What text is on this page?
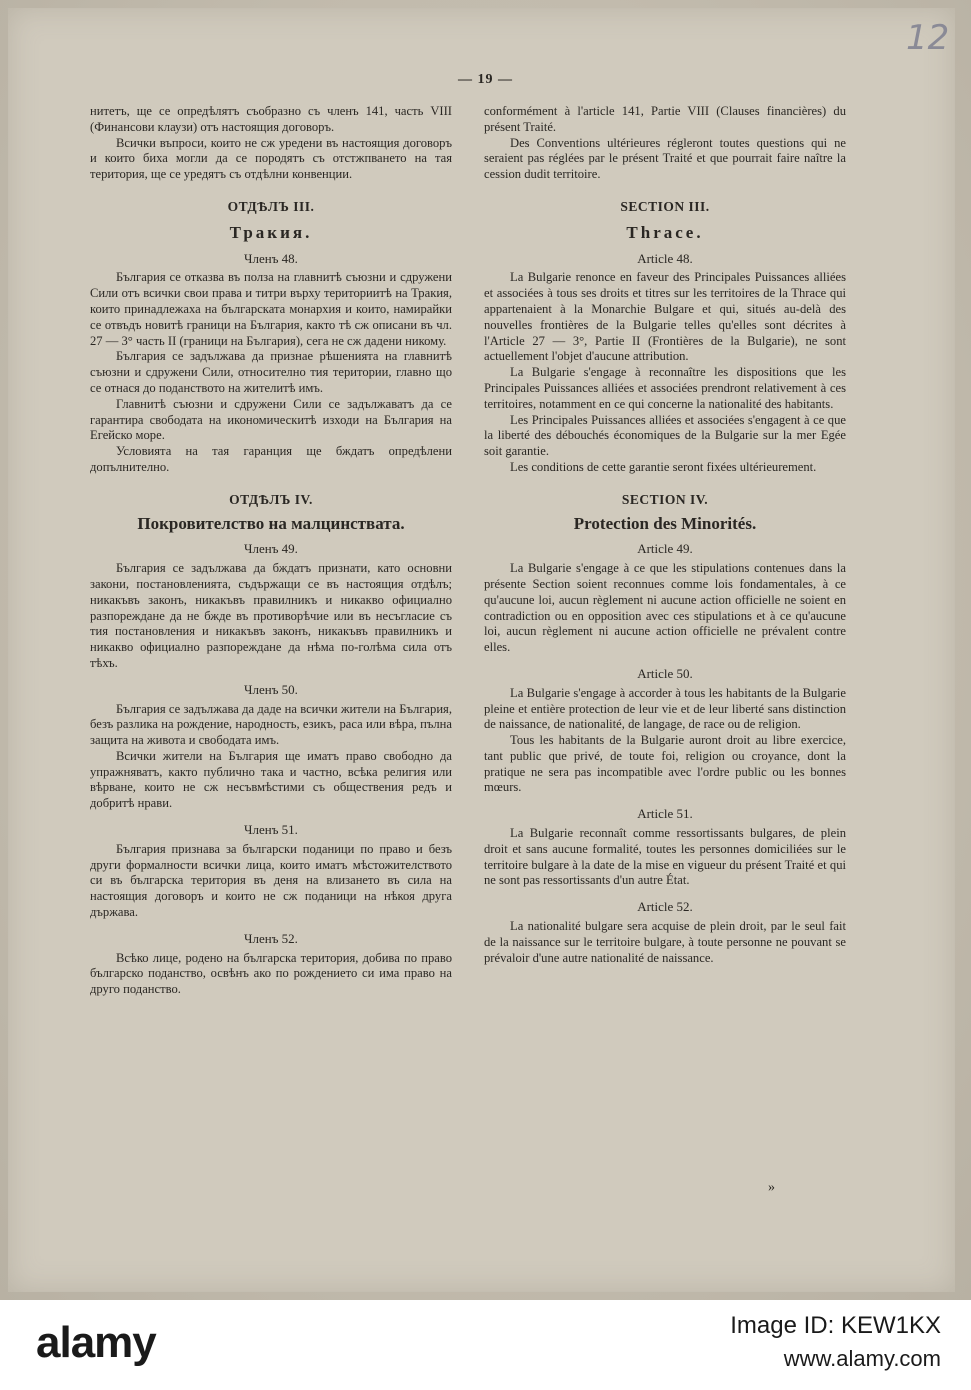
12
— 19 —

нитетъ, ще се опредѣлятъ съобразно съ членъ 141, часть VIII (Финансови клаузи) отъ настоящия договоръ.

Всички въпроси, които не сж уредени въ настоящия договоръ и които биха могли да се породятъ съ отстжпването на тая територия, ще се уредятъ съ отдѣлни конвенции.

ОТДѢЛЪ III.

Тракия.

Членъ 48.

България се отказва въ полза на главнитѣ съюзни и сдружени Сили отъ всички свои права и титри върху териториитѣ на Тракия, които принадлежаха на българската монархия и които, намирайки се отвъдъ новитѣ граници на България, както тѣ сж описани въ чл. 27 — 3° часть II (граници на България), сега не сж дадени никому.

България се задължава да признае рѣшенията на главнитѣ съюзни и сдружени Сили, относително тия територии, главно що се отнася до поданството на жителитѣ имъ.

Главнитѣ съюзни и сдружени Сили се задължаватъ да се гарантира свободата на икономическитѣ изходи на България на Егейско море.

Условията на тая гаранция ще бждатъ опредѣлени допълнително.

ОТДѢЛЪ IV.

Покровителство на малцинствата.

Членъ 49.

България се задължава да бждатъ признати, като основни закони, постановленията, съдържащи се въ настоящия отдѣлъ; никакъвъ законъ, никакъвъ правилникъ и никакво официално разпореждане да не бжде въ противорѣчие или въ несъгласие съ тия постановления и никакъвъ законъ, никакъвъ правилникъ и никакво официално разпореждане да нѣма по-голѣма сила отъ тѣхъ.

Членъ 50.

България се задължава да даде на всички жители на България, безъ разлика на рождение, народность, езикъ, раса или вѣра, пълна защита на живота и свободата имъ.

Всички жители на България ще иматъ право свободно да упражняватъ, както публично така и частно, всѣка религия или вѣрване, които не сж несъвмѣстими съ обществения редъ и добритѣ нрави.

Членъ 51.

България признава за български поданици по право и безъ други формалности всички лица, които иматъ мѣстожителството си въ българска територия въ деня на влизането въ сила на настоящия договоръ и които не сж поданици на нѣкоя друга държава.

Членъ 52.

Всѣко лице, родено на българска територия, добива по право българско поданство, освѣнъ ако по рождението си има право на друго поданство.

conformément à l'article 141, Partie VIII (Clauses financières) du présent Traité.

Des Conventions ultérieures régleront toutes questions qui ne seraient pas réglées par le présent Traité et que pourrait faire naître la cession dudit territoire.

SECTION III.

Thrace.

Article 48.

La Bulgarie renonce en faveur des Principales Puissances alliées et associées à tous ses droits et titres sur les territoires de la Thrace qui appartenaient à la Monarchie Bulgare et qui, situés au-delà des nouvelles frontières de la Bulgarie telles qu'elles sont décrites à l'Article 27 — 3°, Partie II (Frontières de la Bulgarie), ne sont actuellement l'objet d'aucune attribution.

La Bulgarie s'engage à reconnaître les dispositions que les Principales Puissances alliées et associées prendront relativement à ces territoires, notamment en ce qui concerne la nationalité des habitants.

Les Principales Puissances alliées et associées s'engagent à ce que la liberté des débouchés économiques de la Bulgarie sur la mer Egée soit garantie.

Les conditions de cette garantie seront fixées ultérieurement.

SECTION IV.

Protection des Minorités.

Article 49.

La Bulgarie s'engage à ce que les stipulations contenues dans la présente Section soient reconnues comme lois fondamentales, à ce qu'aucune loi, aucun règlement ni aucune action officielle ne soient en contradiction ou en opposition avec ces stipulations et à ce qu'aucune loi, aucun règlement ni aucune action officielle ne prévalent contre elles.

Article 50.

La Bulgarie s'engage à accorder à tous les habitants de la Bulgarie pleine et entière protection de leur vie et de leur liberté sans distinction de naissance, de nationalité, de langage, de race ou de religion.

Tous les habitants de la Bulgarie auront droit au libre exercice, tant public que privé, de toute foi, religion ou croyance, dont la pratique ne sera pas incompatible avec l'ordre public ou les bonnes mœurs.

Article 51.

La Bulgarie reconnaît comme ressortissants bulgares, de plein droit et sans aucune formalité, toutes les personnes domiciliées sur le territoire bulgare à la date de la mise en vigueur du présent Traité et qui ne sont pas ressortissants d'un autre État.

Article 52.

La nationalité bulgare sera acquise de plein droit, par le seul fait de la naissance sur le territoire bulgare, à toute personne ne pouvant se prévaloir d'une autre nationalité de naissance.

»
alamy	Image ID: KEW1KX
www.alamy.com
